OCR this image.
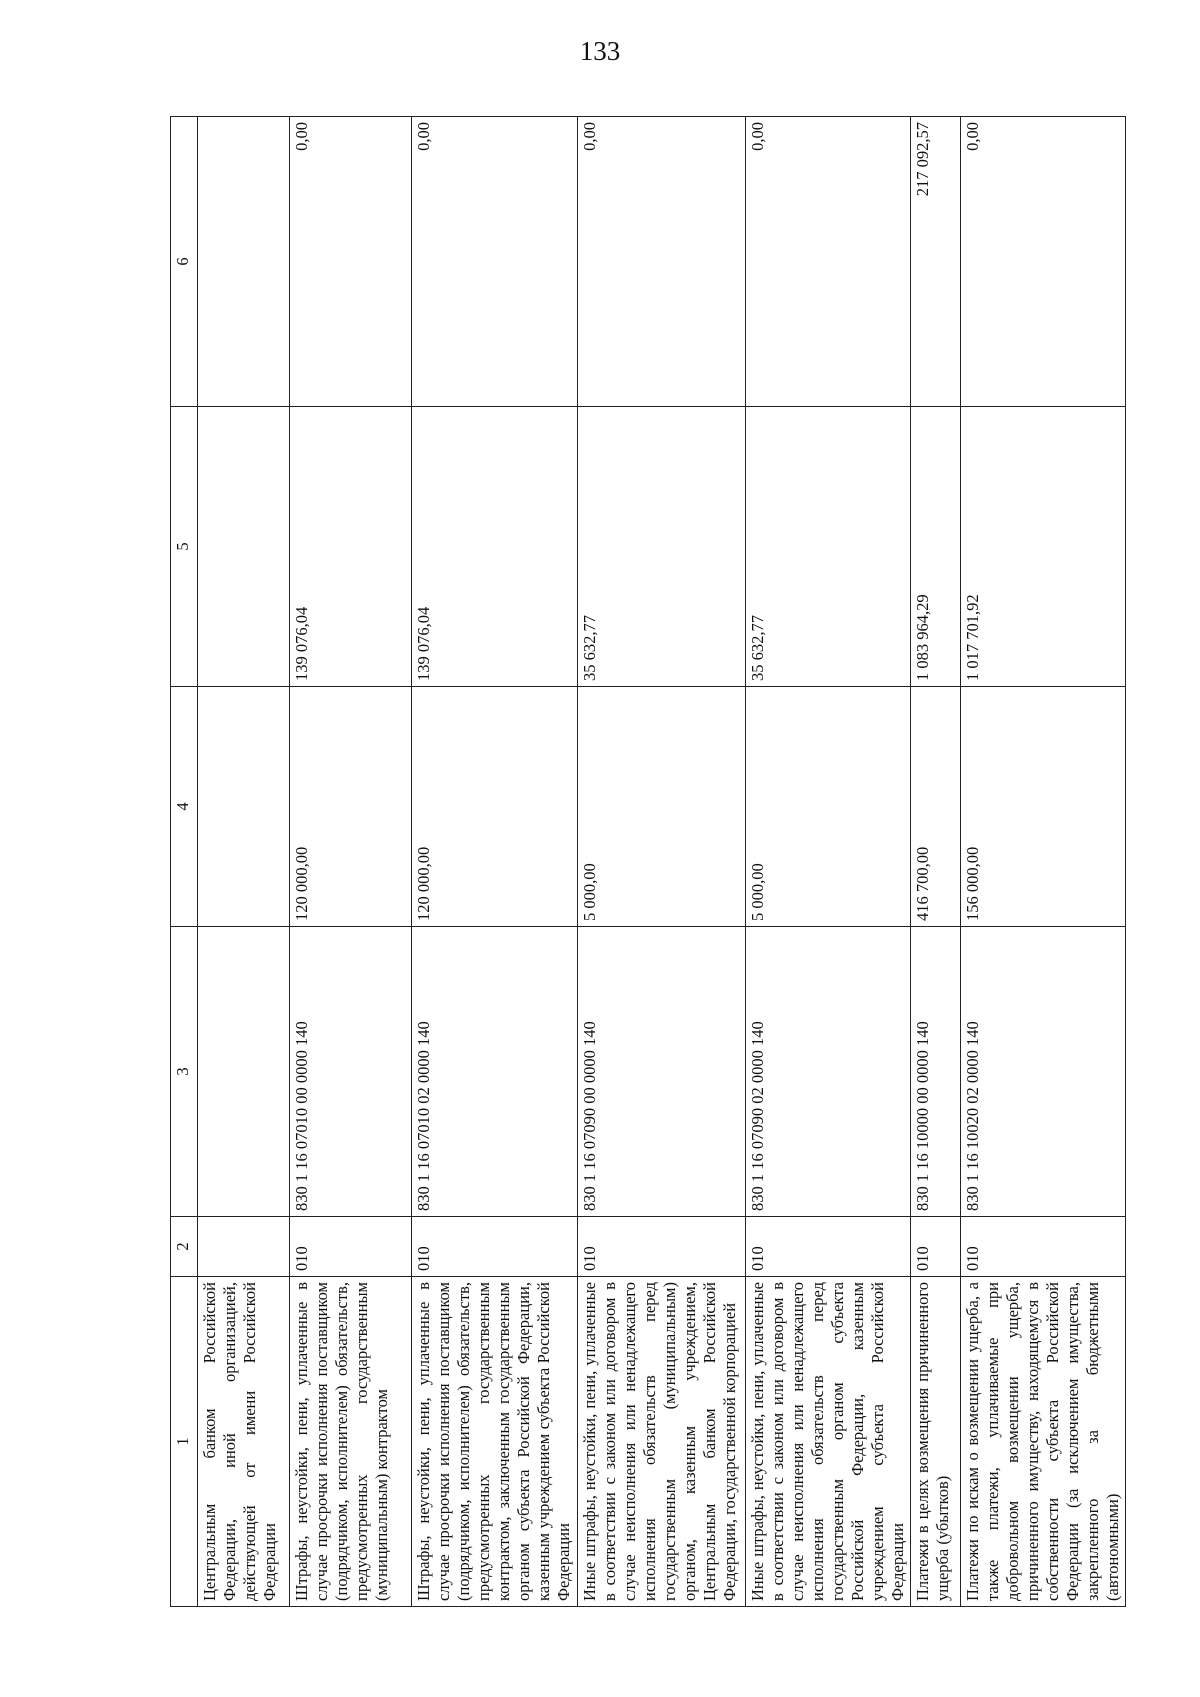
133
1	2	3	4	5	6
Центральным банком Российской Федерации, иной организацией, действующей от имени Российской Федерации					
Штрафы, неустойки, пени, уплаченные в случае просрочки исполнения поставщиком (подрядчиком, исполнителем) обязательств, предусмотренных государственным (муниципальным) контрактом	010	830 1 16 07010 00 0000 140	120 000,00	139 076,04	0,00
Штрафы, неустойки, пени, уплаченные в случае просрочки исполнения поставщиком (подрядчиком, исполнителем) обязательств, предусмотренных государственным контрактом, заключенным государственным органом субъекта Российской Федерации, казенным учреждением субъекта Российской Федерации	010	830 1 16 07010 02 0000 140	120 000,00	139 076,04	0,00
Иные штрафы, неустойки, пени, уплаченные в соответствии с законом или договором в случае неисполнения или ненадлежащего исполнения обязательств перед государственным (муниципальным) органом, казенным учреждением, Центральным банком Российской Федерации, государственной корпорацией	010	830 1 16 07090 00 0000 140	5 000,00	35 632,77	0,00
Иные штрафы, неустойки, пени, уплаченные в соответствии с законом или договором в случае неисполнения или ненадлежащего исполнения обязательств перед государственным органом субъекта Российской Федерации, казенным учреждением субъекта Российской Федерации	010	830 1 16 07090 02 0000 140	5 000,00	35 632,77	0,00
Платежи в целях возмещения причиненного ущерба (убытков)	010	830 1 16 10000 00 0000 140	416 700,00	1 083 964,29	217 092,57
Платежи по искам о возмещении ущерба, а также платежи, уплачиваемые при добровольном возмещении ущерба, причиненного имуществу, находящемуся в собственности субъекта Российской Федерации (за исключением имущества, закрепленного за бюджетными (автономными)	010	830 1 16 10020 02 0000 140	156 000,00	1 017 701,92	0,00
